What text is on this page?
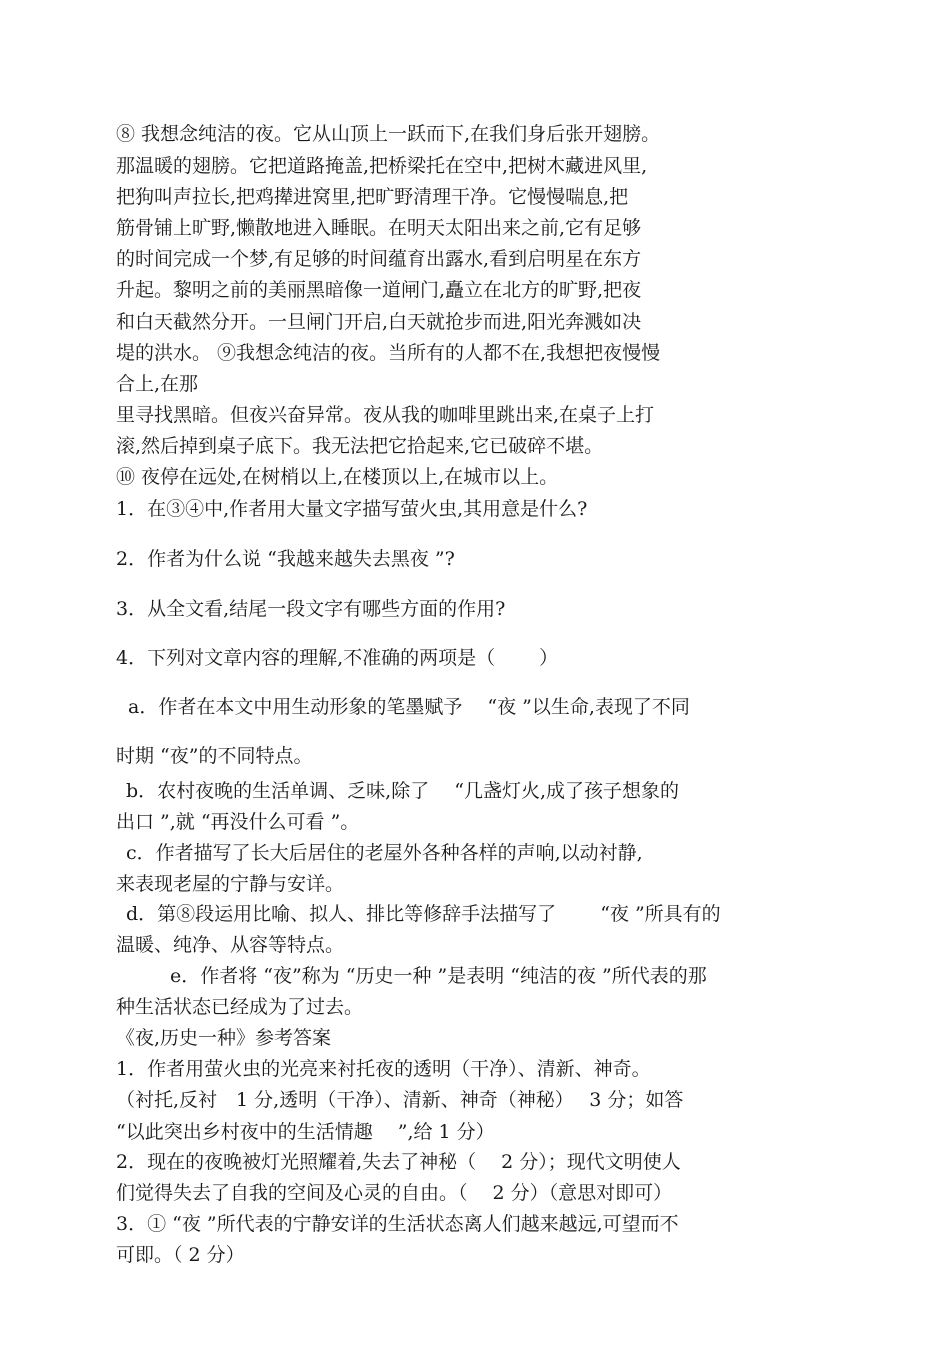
⑧ 我想念纯洁的夜。它从山顶上一跃而下,在我们身后张开翅膀。
那温暖的翅膀。它把道路掩盖,把桥梁托在空中,把树木藏进风里,
把狗叫声拉长,把鸡撵进窝里,把旷野清理干净。它慢慢喘息,把
筋骨铺上旷野,懒散地进入睡眠。在明天太阳出来之前,它有足够
的时间完成一个梦,有足够的时间蕴育出露水,看到启明星在东方
升起。黎明之前的美丽黑暗像一道闸门,矗立在北方的旷野,把夜
和白天截然分开。一旦闸门开启,白天就抢步而进,阳光奔溅如决
堤的洪水。 ⑨我想念纯洁的夜。当所有的人都不在,我想把夜慢慢
合上,在那
里寻找黑暗。但夜兴奋异常。夜从我的咖啡里跳出来,在桌子上打
滚,然后掉到桌子底下。我无法把它拾起来,它已破碎不堪。
⑩ 夜停在远处,在树梢以上,在楼顶以上,在城市以上。
1．在③④中,作者用大量文字描写萤火虫,其用意是什么?
2．作者为什么说 “我越来越失去黑夜 ”?
3．从全文看,结尾一段文字有哪些方面的作用?
4．下列对文章内容的理解,不准确的两项是（　　 ）
a．作者在本文中用生动形象的笔墨赋予　 “夜 ”以生命,表现了不同
时期 “夜”的不同特点。
b．农村夜晚的生活单调、乏味,除了　 “几盏灯火,成了孩子想象的
出口 ”,就 “再没什么可看 ”。
c．作者描写了长大后居住的老屋外各种各样的声响,以动衬静,
来表现老屋的宁静与安详。
d．第⑧段运用比喻、拟人、排比等修辞手法描写了　　 “夜 ”所具有的
温暖、纯净、从容等特点。
e．作者将 “夜”称为 “历史一种 ”是表明 “纯洁的夜 ”所代表的那
种生活状态已经成为了过去。
《夜,历史一种》参考答案
1．作者用萤火虫的光亮来衬托夜的透明（干净）、清新、神奇。
（衬托,反衬　1 分,透明（干净）、清新、神奇（神秘）　 3 分；如答
“以此突出乡村夜中的生活情趣　 ”,给 1 分）
2．现在的夜晚被灯光照耀着,失去了神秘（　 2 分）；现代文明使人
们觉得失去了自我的空间及心灵的自由。（　 2 分）（意思对即可）
3．① “夜 ”所代表的宁静安详的生活状态离人们越来越远,可望而不
可即。（ 2 分）
